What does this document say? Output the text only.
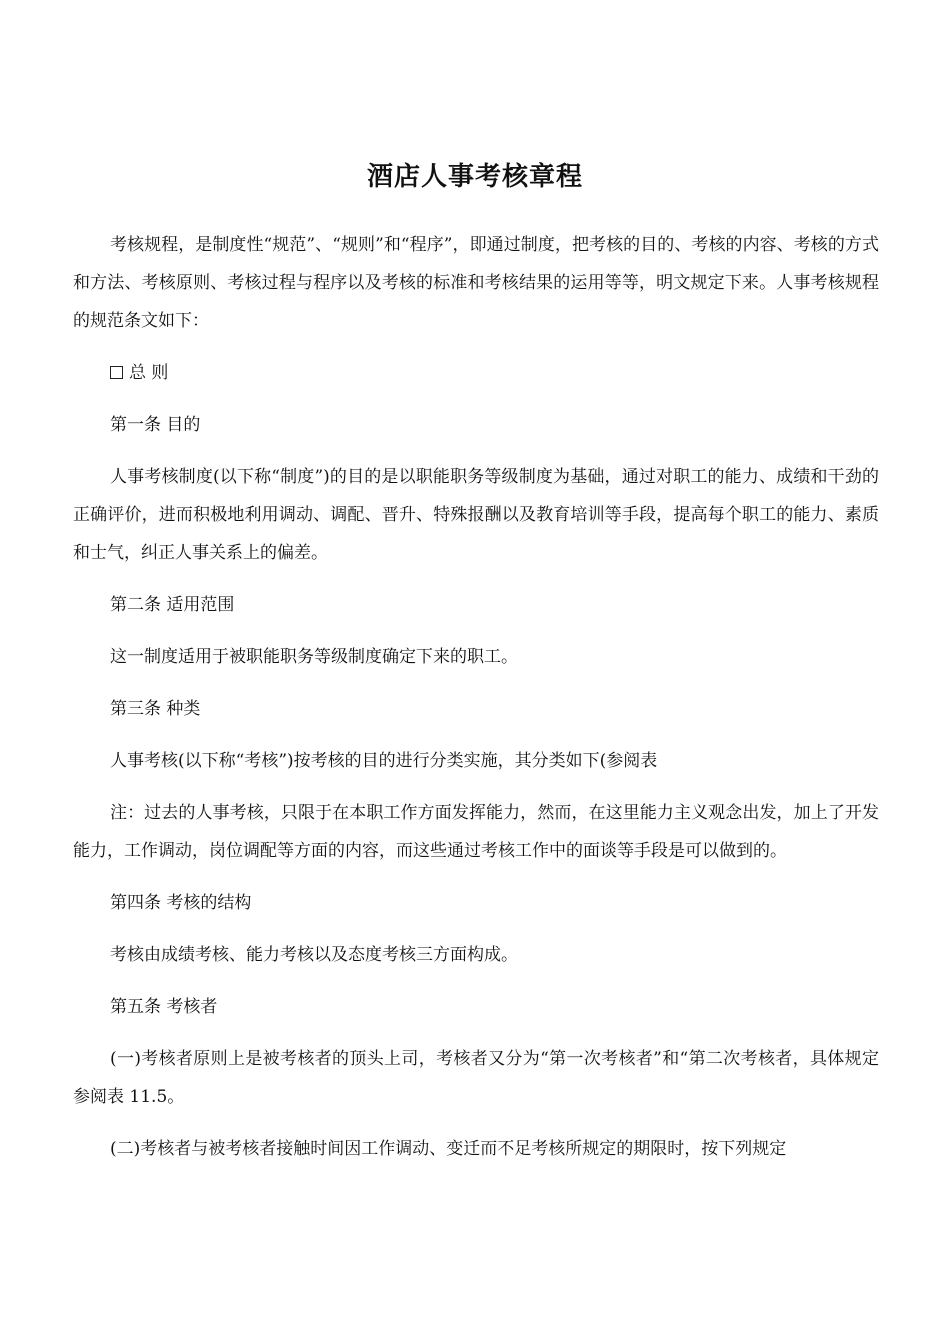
酒店人事考核章程

考核规程，是制度性“规范”、“规则”和“程序”，即通过制度，把考核的目的、考核的内容、考核的方式和方法、考核原则、考核过程与程序以及考核的标准和考核结果的运用等等，明文规定下来。人事考核规程的规范条文如下：

总 则

第一条 目的

人事考核制度(以下称“制度”)的目的是以职能职务等级制度为基础，通过对职工的能力、成绩和干劲的正确评价，进而积极地利用调动、调配、晋升、特殊报酬以及教育培训等手段，提高每个职工的能力、素质和士气，纠正人事关系上的偏差。

第二条 适用范围

这一制度适用于被职能职务等级制度确定下来的职工。

第三条 种类

人事考核(以下称“考核”)按考核的目的进行分类实施，其分类如下(参阅表

注：过去的人事考核，只限于在本职工作方面发挥能力，然而，在这里能力主义观念出发，加上了开发能力，工作调动，岗位调配等方面的内容，而这些通过考核工作中的面谈等手段是可以做到的。

第四条 考核的结构

考核由成绩考核、能力考核以及态度考核三方面构成。

第五条 考核者

(一)考核者原则上是被考核者的顶头上司，考核者又分为“第一次考核者”和“第二次考核者，具体规定参阅表 11.5。

(二)考核者与被考核者接触时间因工作调动、变迁而不足考核所规定的期限时，按下列规定
